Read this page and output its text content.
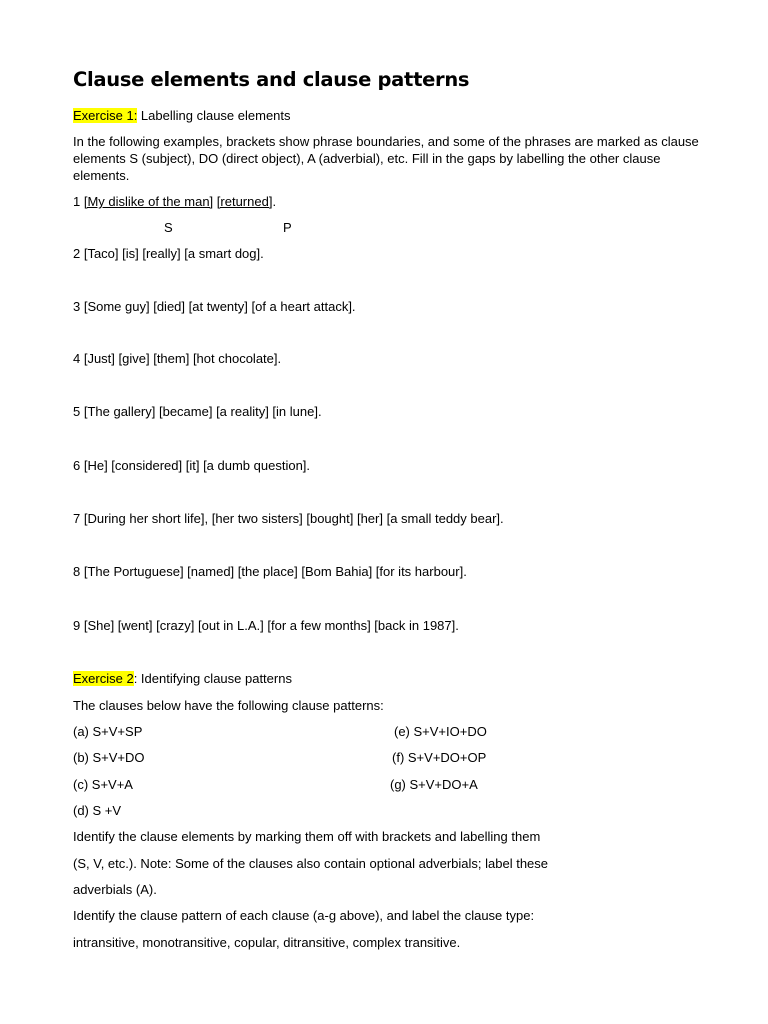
Clause elements and clause patterns
Exercise 1: Labelling clause elements
In the following examples, brackets show phrase boundaries, and some of the phrases are marked as clause elements S (subject), DO (direct object), A (adverbial), etc. Fill in the gaps by labelling the other clause elements.
1 [My dislike of the man] [returned].
S	P
2 [Taco] [is] [really] [a smart dog].
3 [Some guy] [died] [at twenty] [of a heart attack].
4 [Just] [give] [them] [hot chocolate].
5 [The gallery] [became] [a reality] [in lune].
6 [He] [considered] [it] [a dumb question].
7 [During her short life], [her two sisters] [bought] [her] [a small teddy bear].
8 [The Portuguese] [named] [the place] [Bom Bahia] [for its harbour].
9 [She] [went] [crazy] [out in L.A.] [for a few months] [back in 1987].
Exercise 2: Identifying clause patterns
The clauses below have the following clause patterns:
(a) S+V+SP
(b) S+V+DO
(c) S+V+A
(d) S +V
(e) S+V+IO+DO
(f) S+V+DO+OP
(g) S+V+DO+A
Identify the clause elements by marking them off with brackets and labelling them
(S, V, etc.). Note: Some of the clauses also contain optional adverbials; label these
adverbials (A).
Identify the clause pattern of each clause (a-g above), and label the clause type:
intransitive, monotransitive, copular, ditransitive, complex transitive.
